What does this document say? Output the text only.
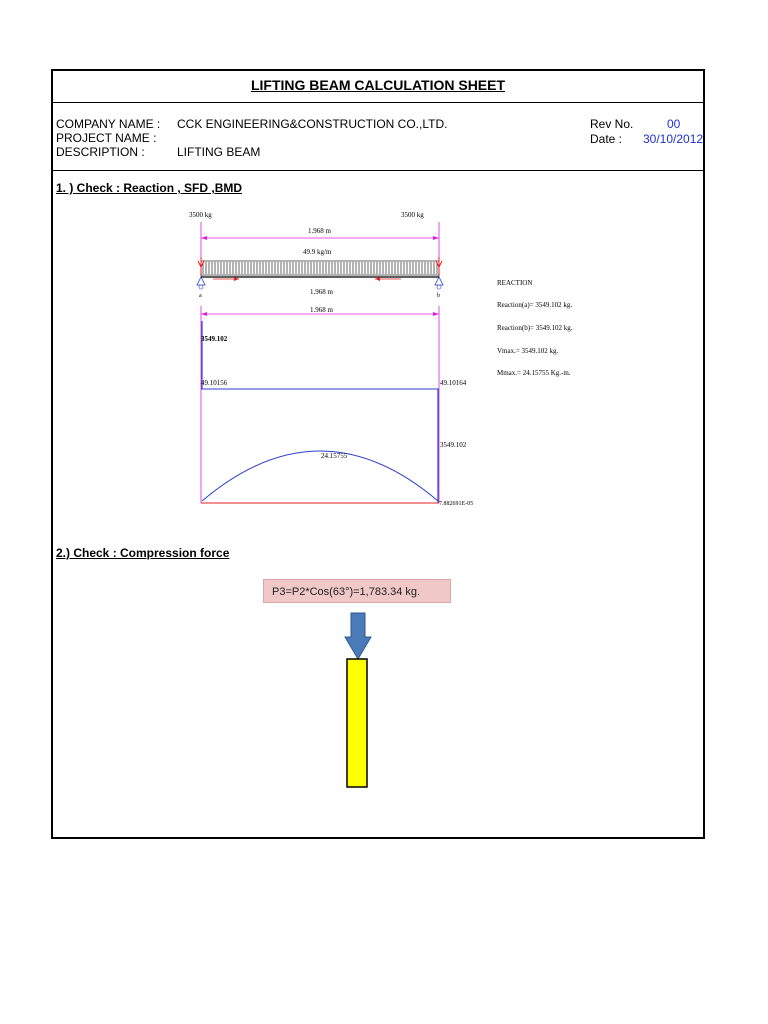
LIFTING BEAM CALCULATION SHEET
COMPANY NAME : CCK ENGINEERING&CONSTRUCTION CO.,LTD.
PROJECT NAME :
DESCRIPTION :	LIFTING BEAM
Rev No.	00
Date : 30/10/2012
1. ) Check : Reaction , SFD ,BMD
3500 kg	3500 kg
1.968 m
49.9 kg/m
a	b
1.968 m
1.968 m
3549.102
49.10156	49.10164
3549.102
24.15755
7.882691E-05
REACTION
Reaction(a)= 3549.102 kg.
Reaction(b)= 3549.102 kg.
Vmax.= 3549.102 kg.
Mmax.= 24.15755 Kg.-m.
2.) Check : Compression force
P3=P2*Cos(63°)=1,783.34 kg.
